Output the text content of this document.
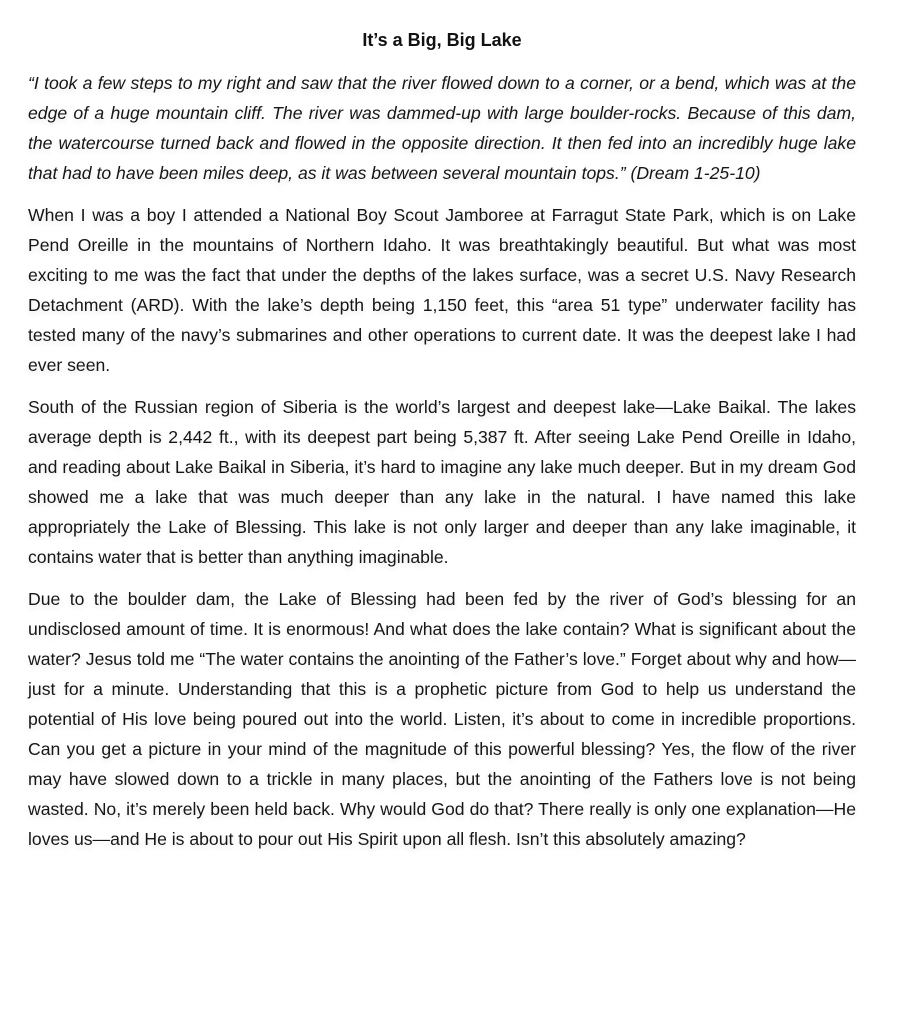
It’s a Big, Big Lake

“I took a few steps to my right and saw that the river flowed down to a corner, or a bend, which was at the edge of a huge mountain cliff. The river was dammed-up with large boulder-rocks. Because of this dam, the watercourse turned back and flowed in the opposite direction. It then fed into an incredibly huge lake that had to have been miles deep, as it was between several mountain tops.” (Dream 1-25-10)

When I was a boy I attended a National Boy Scout Jamboree at Farragut State Park, which is on Lake Pend Oreille in the mountains of Northern Idaho. It was breathtakingly beautiful. But what was most exciting to me was the fact that under the depths of the lakes surface, was a secret U.S. Navy Research Detachment (ARD). With the lake’s depth being 1,150 feet, this “area 51 type” underwater facility has tested many of the navy’s submarines and other operations to current date. It was the deepest lake I had ever seen.

South of the Russian region of Siberia is the world’s largest and deepest lake—Lake Baikal. The lakes average depth is 2,442 ft., with its deepest part being 5,387 ft. After seeing Lake Pend Oreille in Idaho, and reading about Lake Baikal in Siberia, it’s hard to imagine any lake much deeper. But in my dream God showed me a lake that was much deeper than any lake in the natural. I have named this lake appropriately the Lake of Blessing. This lake is not only larger and deeper than any lake imaginable, it contains water that is better than anything imaginable.

Due to the boulder dam, the Lake of Blessing had been fed by the river of God’s blessing for an undisclosed amount of time. It is enormous! And what does the lake contain? What is significant about the water? Jesus told me “The water contains the anointing of the Father’s love.” Forget about why and how—just for a minute. Understanding that this is a prophetic picture from God to help us understand the potential of His love being poured out into the world. Listen, it’s about to come in incredible proportions. Can you get a picture in your mind of the magnitude of this powerful blessing? Yes, the flow of the river may have slowed down to a trickle in many places, but the anointing of the Fathers love is not being wasted. No, it’s merely been held back. Why would God do that? There really is only one explanation—He loves us—and He is about to pour out His Spirit upon all flesh. Isn’t this absolutely amazing?
